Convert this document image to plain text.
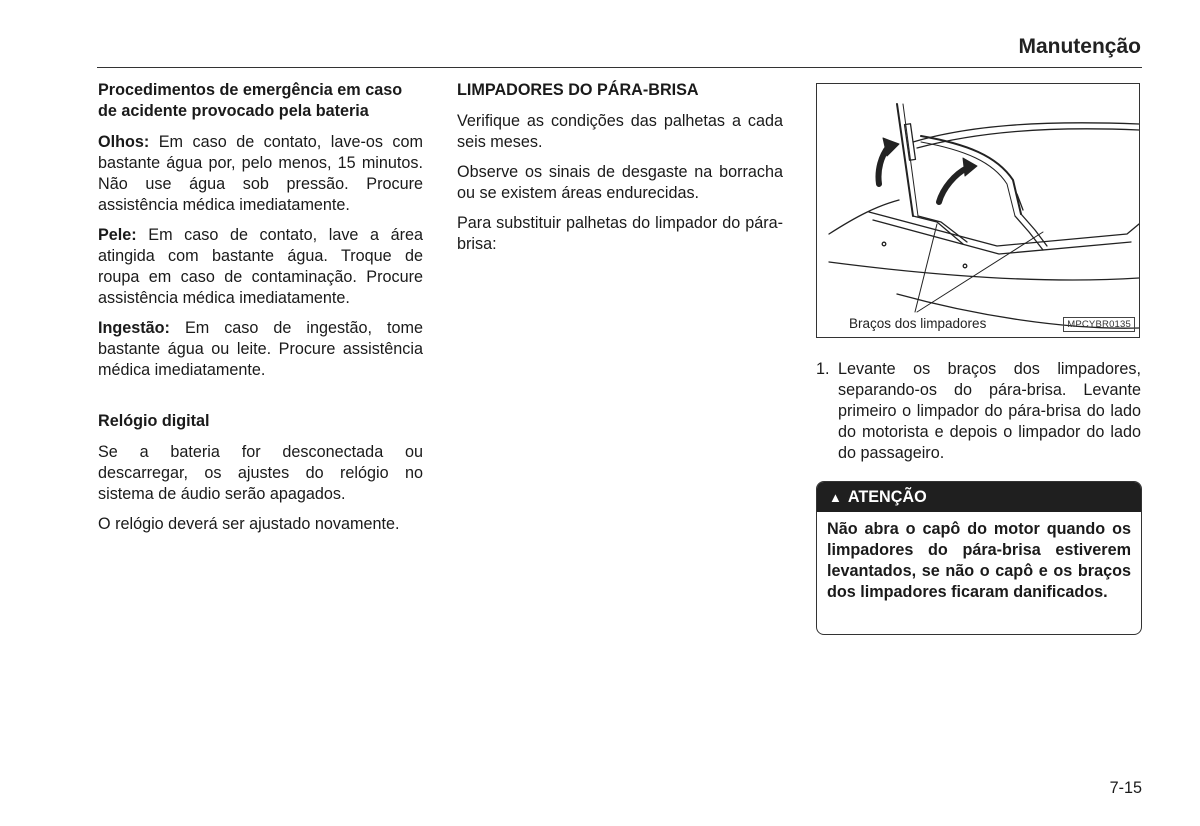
Manutenção
Procedimentos de emergência em caso de acidente provocado pela bateria

Olhos: Em caso de contato, lave-os com bastante água por, pelo menos, 15 minutos. Não use água sob pressão. Procure assistência médica imediatamente.

Pele: Em caso de contato, lave a área atingida com bastante água. Troque de roupa em caso de contaminação. Procure assistência médica imediatamente.

Ingestão: Em caso de ingestão, tome bastante água ou leite. Procure assistência médica imediatamente.

Relógio digital

Se a bateria for desconectada ou descarregar, os ajustes do relógio no sistema de áudio serão apagados.

O relógio deverá ser ajustado novamente.

LIMPADORES DO PÁRA-BRISA

Verifique as condições das palhetas a cada seis meses.

Observe os sinais de desgaste na borracha ou se existem áreas endurecidas.

Para substituir palhetas do limpador do pára-brisa:

Braços dos limpadores	MPCYBR0135
1. Levante os braços dos limpadores, separando-os do pára-brisa. Levante primeiro o limpador do pára-brisa do lado do motorista e depois o limpador do lado do passageiro.
▲ ATENÇÃO
Não abra o capô do motor quando os limpadores do pára-brisa estiverem levantados, se não o capô e os braços dos limpadores ficaram danificados.
7-15
